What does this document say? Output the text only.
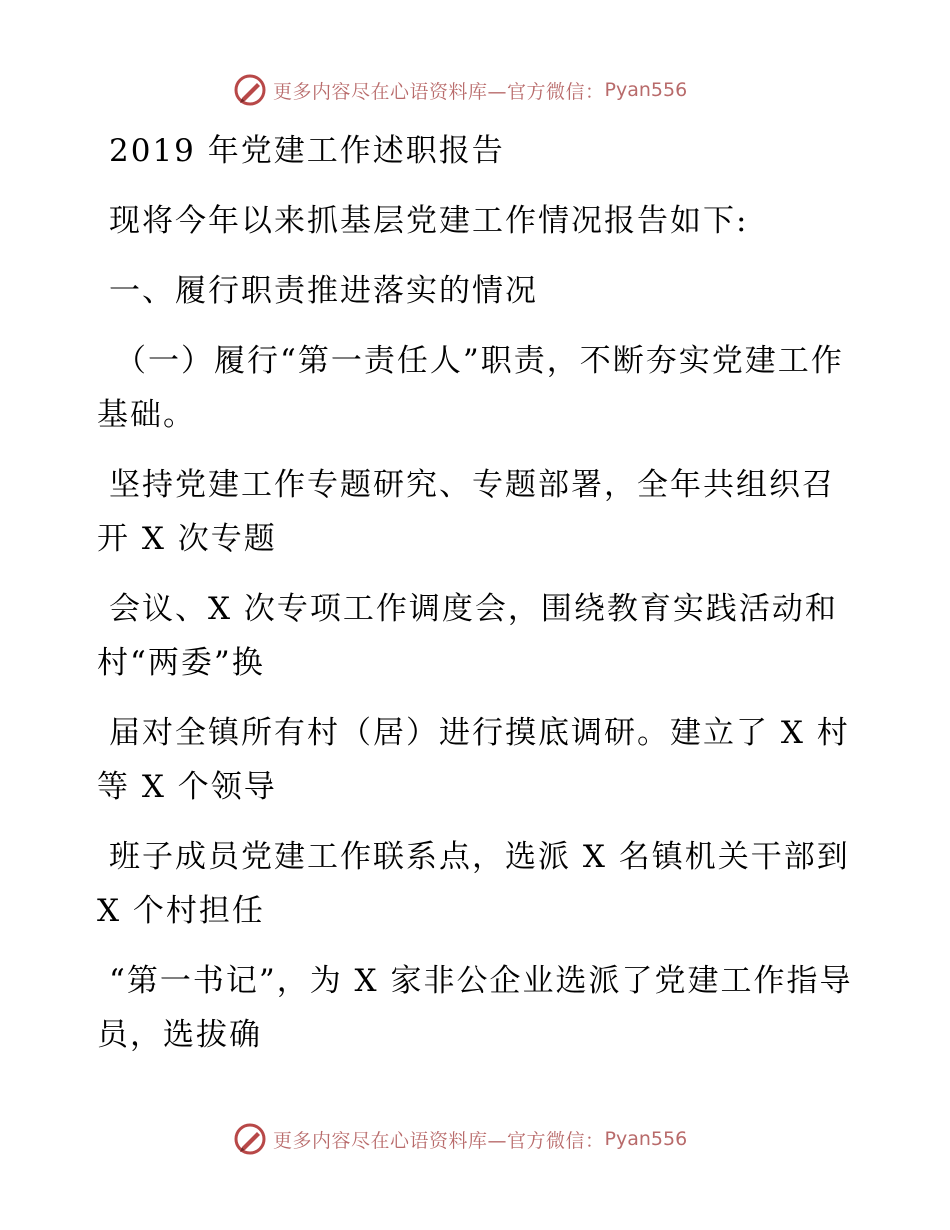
更多内容尽在心语资料库—官方微信： Pyan556

2019 年党建工作述职报告

现将今年以来抓基层党建工作情况报告如下:

一、履行职责推进落实的情况

（一）履行“第一责任人”职责，不断夯实党建工作基础。

坚持党建工作专题研究、专题部署，全年共组织召开 X 次专题

会议、X 次专项工作调度会，围绕教育实践活动和村“两委”换

届对全镇所有村（居）进行摸底调研。建立了 X 村等 X 个领导

班子成员党建工作联系点，选派 X 名镇机关干部到 X 个村担任

“第一书记”，为 X 家非公企业选派了党建工作指导员，选拔确

更多内容尽在心语资料库—官方微信： Pyan556
